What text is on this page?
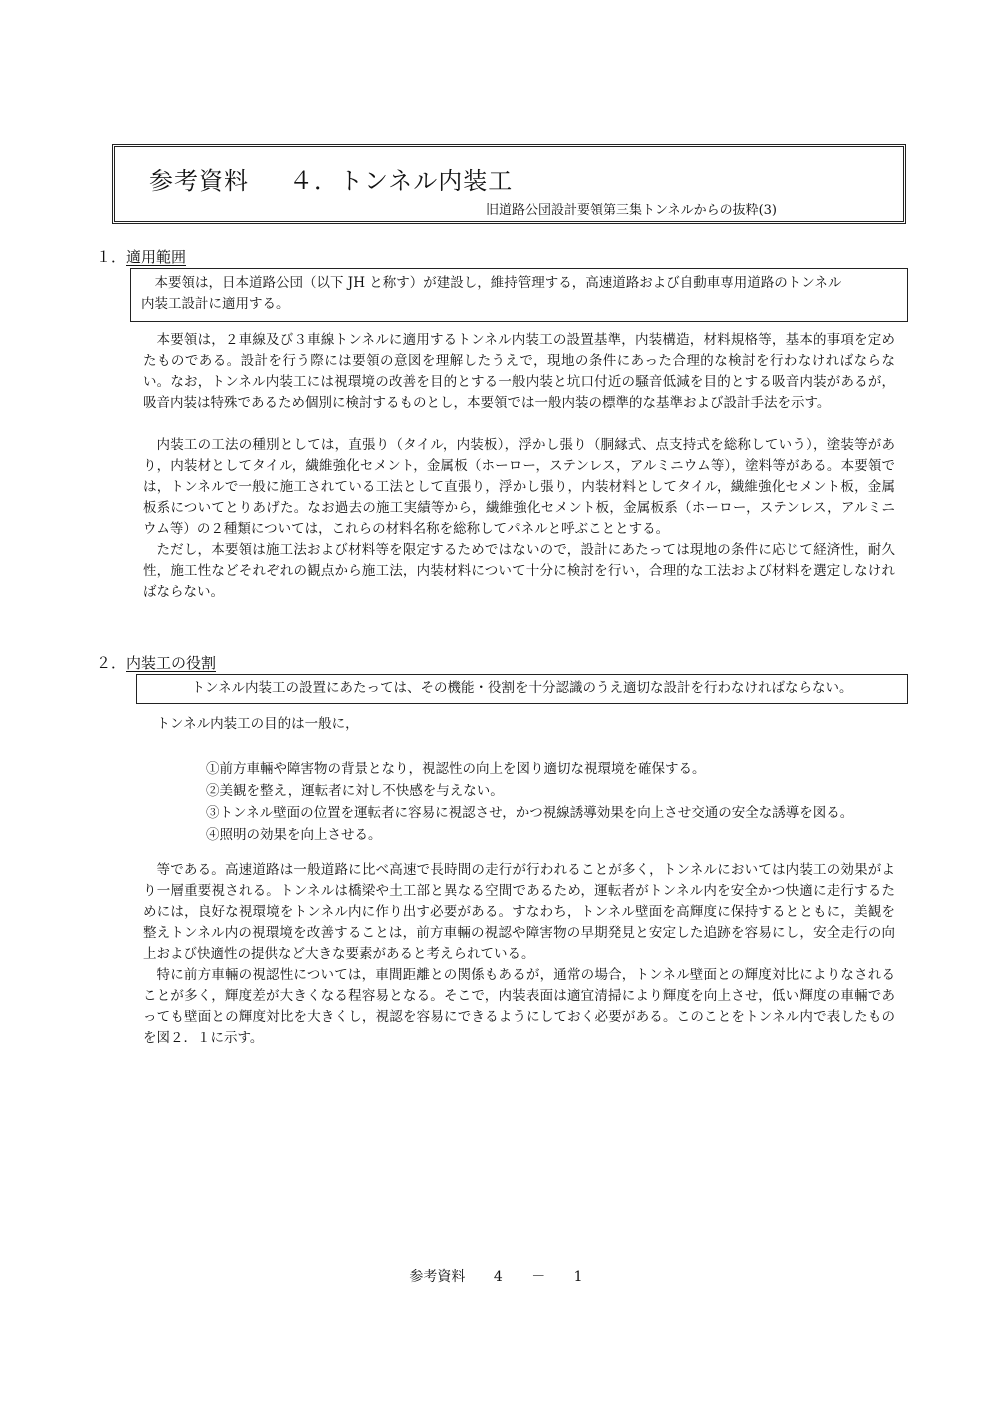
参考資料 ４．トンネル内装工
旧道路公団設計要領第三集トンネルからの抜粋(3)
１．適用範囲
本要領は，日本道路公団（以下 JH と称す）が建設し，維持管理する，高速道路および自動車専用道路のトンネル
内装工設計に適用する。

本要領は，２車線及び３車線トンネルに適用するトンネル内装工の設置基準，内装構造，材料規格等，基本的事項を定めたものである。設計を行う際には要領の意図を理解したうえで，現地の条件にあった合理的な検討を行わなければならない。なお，トンネル内装工には視環境の改善を目的とする一般内装と坑口付近の騒音低減を目的とする吸音内装があるが，吸音内装は特殊であるため個別に検討するものとし，本要領では一般内装の標準的な基準および設計手法を示す。

内装工の工法の種別としては，直張り（タイル，内装板），浮かし張り（胴縁式、点支持式を総称していう），塗装等があり，内装材としてタイル，繊維強化セメント，金属板（ホーロー，ステンレス，アルミニウム等），塗料等がある。本要領では，トンネルで一般に施工されている工法として直張り，浮かし張り，内装材料としてタイル，繊維強化セメント板，金属板系についてとりあげた。なお過去の施工実績等から，繊維強化セメント板，金属板系（ホーロー，ステンレス，アルミニウム等）の２種類については，これらの材料名称を総称してパネルと呼ぶこととする。

ただし，本要領は施工法および材料等を限定するためではないので，設計にあたっては現地の条件に応じて経済性，耐久性，施工性などそれぞれの観点から施工法，内装材料について十分に検討を行い，合理的な工法および材料を選定しなければならない。

２．内装工の役割
トンネル内装工の設置にあたっては、その機能・役割を十分認識のうえ適切な設計を行わなければならない。

トンネル内装工の目的は一般に，

①前方車輛や障害物の背景となり，視認性の向上を図り適切な視環境を確保する。
②美観を整え，運転者に対し不快感を与えない。
③トンネル壁面の位置を運転者に容易に視認させ，かつ視線誘導効果を向上させ交通の安全な誘導を図る。
④照明の効果を向上させる。

等である。高速道路は一般道路に比べ高速で長時間の走行が行われることが多く，トンネルにおいては内装工の効果がより一層重要視される。トンネルは橋梁や土工部と異なる空間であるため，運転者がトンネル内を安全かつ快適に走行するためには，良好な視環境をトンネル内に作り出す必要がある。すなわち，トンネル壁面を高輝度に保持するとともに，美観を整えトンネル内の視環境を改善することは，前方車輛の視認や障害物の早期発見と安定した追跡を容易にし，安全走行の向上および快適性の提供など大きな要素があると考えられている。

特に前方車輛の視認性については，車間距離との関係もあるが，通常の場合，トンネル壁面との輝度対比によりなされることが多く，輝度差が大きくなる程容易となる。そこで，内装表面は適宜清掃により輝度を向上させ，低い輝度の車輛であっても壁面との輝度対比を大きくし，視認を容易にできるようにしておく必要がある。このことをトンネル内で表したものを図２．１に示す。

参考資料 4 － 1
